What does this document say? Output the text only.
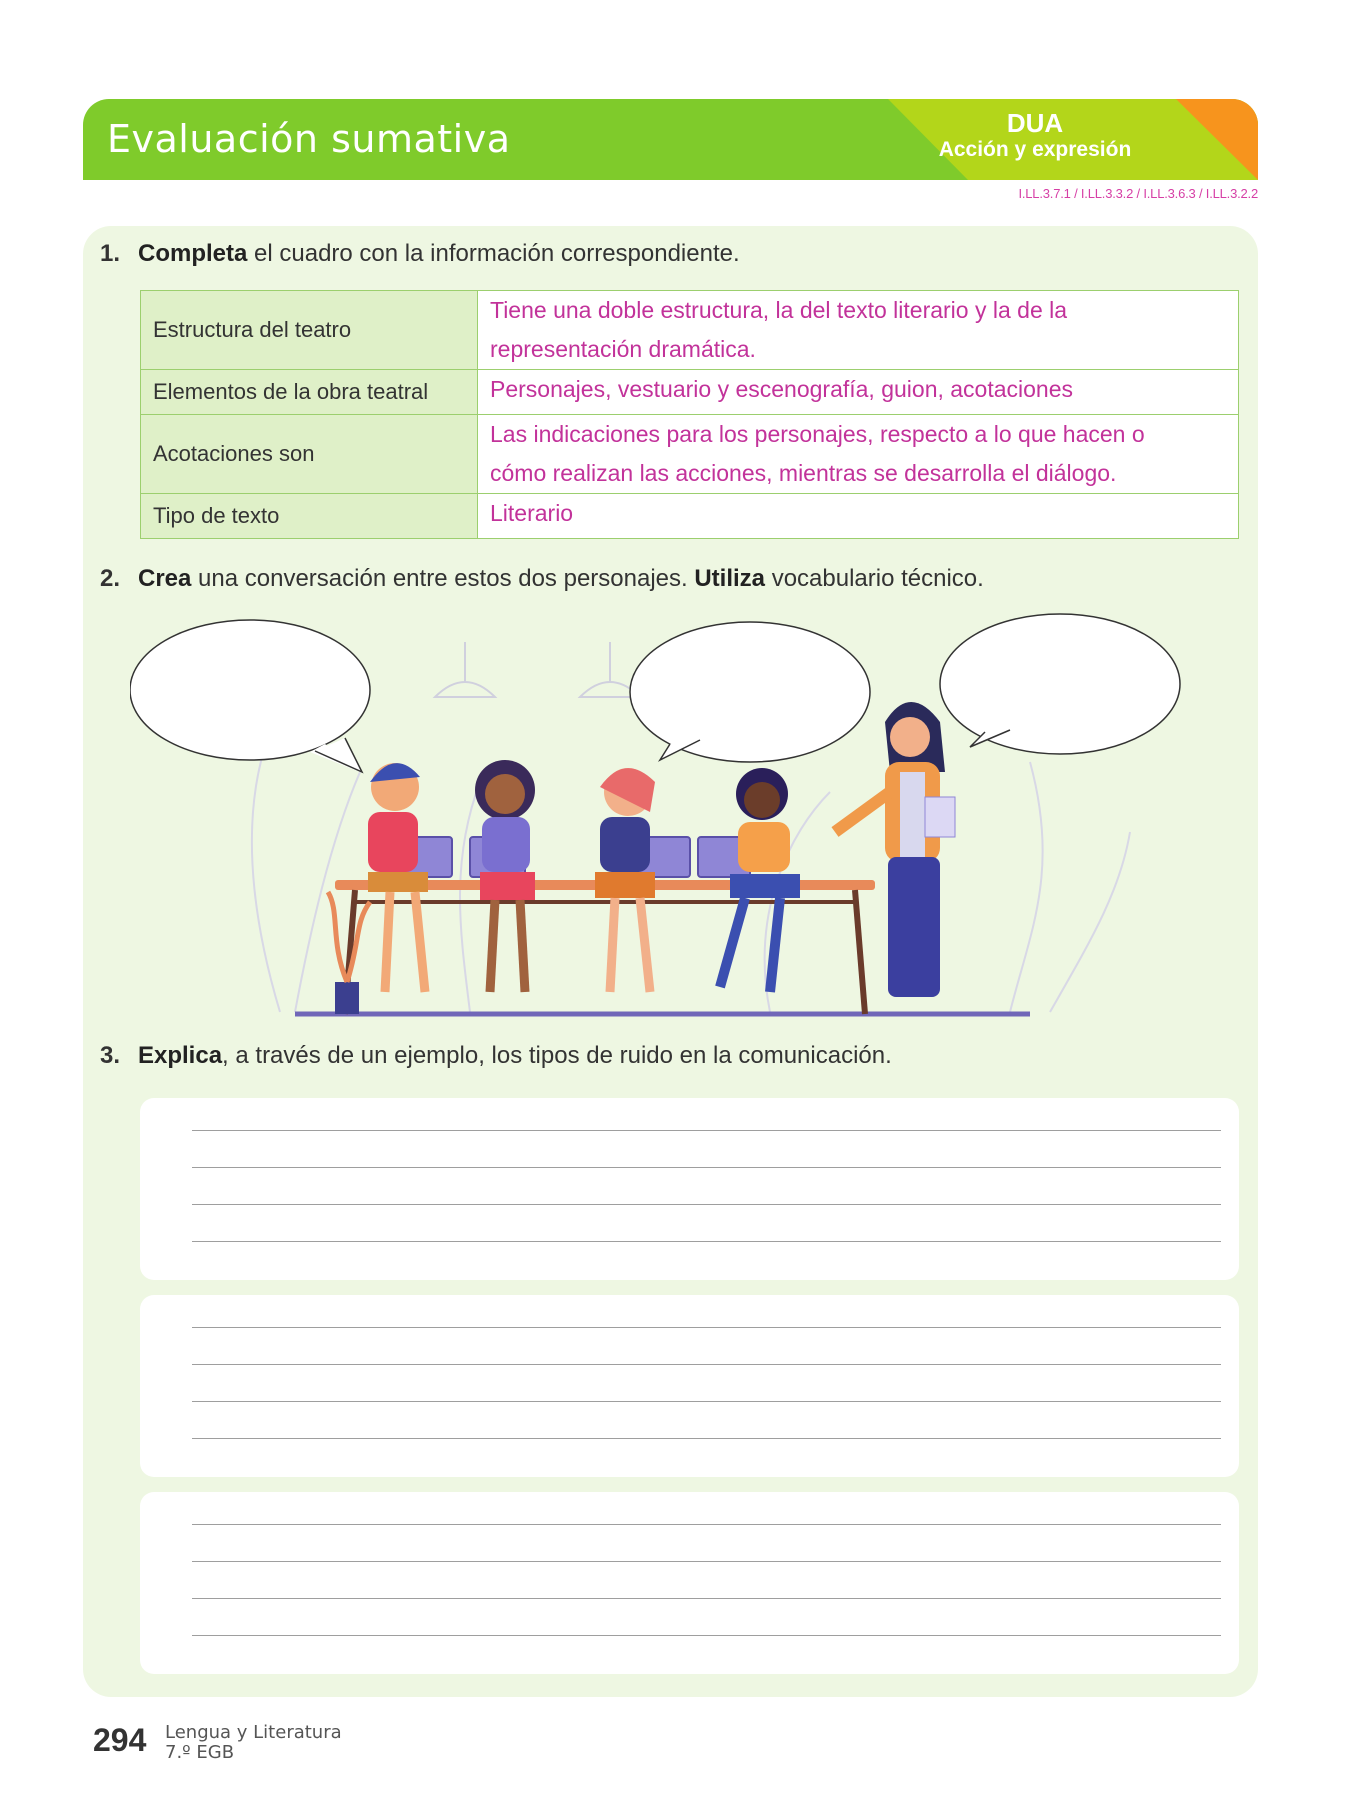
Evaluación sumativa	DUA
Acción y expresión
I.LL.3.7.1 / I.LL.3.3.2 / I.LL.3.6.3 / I.LL.3.2.2
1. Completa el cuadro con la información correspondiente.
Estructura del teatro	Tiene una doble estructura, la del texto literario y la de la
representación dramática.

Elementos de la obra teatral	Personajes, vestuario y escenografía, guion, acotaciones

Acotaciones son	Las indicaciones para los personajes, respecto a lo que hacen o
cómo realizan las acciones, mientras se desarrolla el diálogo.

Tipo de texto	Literario
2. Crea una conversación entre estos dos personajes. Utiliza vocabulario técnico.
3. Explica, a través de un ejemplo, los tipos de ruido en la comunicación.
294 Lengua y Literatura
7.º EGB
